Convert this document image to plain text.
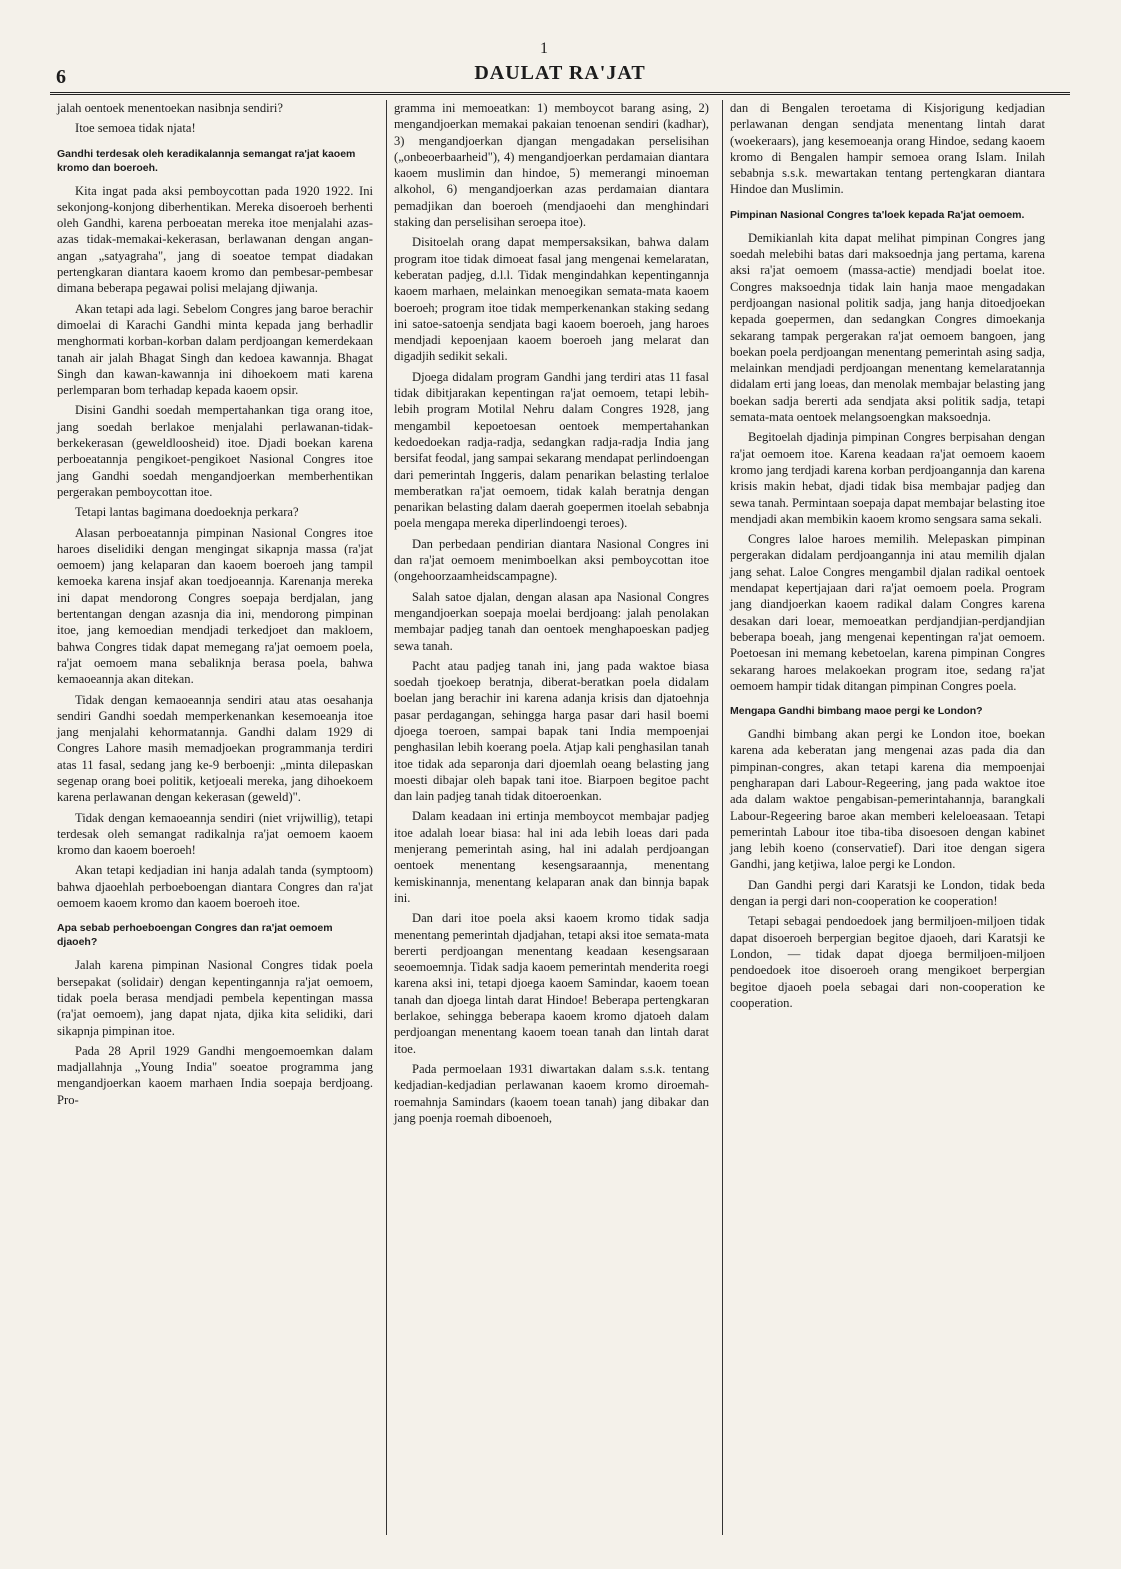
1
6	DAULAT RA'JAT

jalah oentoek menentoekan nasibnja sendiri?

Itoe semoea tidak njata!

Gandhi terdesak oleh keradikalannja semangat ra'jat kaoem kromo dan boeroeh.

Kita ingat pada aksi pemboycottan pada 1920 1922. Ini sekonjong-konjong diberhentikan. Mereka disoeroeh berhenti oleh Gandhi, karena perboeatan mereka itoe menjalahi azas-azas tidak-memakai-kekerasan, berlawanan dengan angan-angan „satyagraha", jang di soeatoe tempat diadakan pertengkaran diantara kaoem kromo dan pembesar-pembesar dimana beberapa pegawai polisi melajang djiwanja.

Akan tetapi ada lagi. Sebelom Congres jang baroe berachir dimoelai di Karachi Gandhi minta kepada jang berhadlir menghormati korban-korban dalam perdjoangan kemerdekaan tanah air jalah Bhagat Singh dan kedoea kawannja. Bhagat Singh dan kawan-kawannja ini dihoekoem mati karena perlemparan bom terhadap kepada kaoem opsir.

Disini Gandhi soedah mempertahankan tiga orang itoe, jang soedah berlakoe menjalahi perlawanan-tidak-berkekerasan (geweldloosheid) itoe. Djadi boekan karena perboeatannja pengikoet-pengikoet Nasional Congres itoe jang Gandhi soedah mengandjoerkan memberhentikan pergerakan pemboycottan itoe.

Tetapi lantas bagimana doedoeknja perkara?

Alasan perboeatannja pimpinan Nasional Congres itoe haroes diselidiki dengan mengingat sikapnja massa (ra'jat oemoem) jang kelaparan dan kaoem boeroeh jang tampil kemoeka karena insjaf akan toedjoeannja. Karenanja mereka ini dapat mendorong Congres soepaja berdjalan, jang bertentangan dengan azasnja dia ini, mendorong pimpinan itoe, jang kemoedian mendjadi terkedjoet dan makloem, bahwa Congres tidak dapat memegang ra'jat oemoem poela, ra'jat oemoem mana sebaliknja berasa poela, bahwa kemaoeannja akan ditekan.

Tidak dengan kemaoeannja sendiri atau atas oesahanja sendiri Gandhi soedah memperkenankan kesemoeanja itoe jang menjalahi kehormatannja. Gandhi dalam 1929 di Congres Lahore masih memadjoekan programmanja terdiri atas 11 fasal, sedang jang ke-9 berboenji: „minta dilepaskan segenap orang boei politik, ketjoeali mereka, jang dihoekoem karena perlawanan dengan kekerasan (geweld)".

Tidak dengan kemaoeannja sendiri (niet vrijwillig), tetapi terdesak oleh semangat radikalnja ra'jat oemoem kaoem kromo dan kaoem boeroeh!

Akan tetapi kedjadian ini hanja adalah tanda (symptoom) bahwa djaoehlah perboeboengan diantara Congres dan ra'jat oemoem kaoem kromo dan kaoem boeroeh itoe.

Apa sebab perhoeboengan Congres dan ra'jat oemoem djaoeh?

Jalah karena pimpinan Nasional Congres tidak poela bersepakat (solidair) dengan kepentingannja ra'jat oemoem, tidak poela berasa mendjadi pembela kepentingan massa (ra'jat oemoem), jang dapat njata, djika kita selidiki, dari sikapnja pimpinan itoe.

Pada 28 April 1929 Gandhi mengoemoemkan dalam madjallahnja „Young India" soeatoe programma jang mengandjoerkan kaoem marhaen India soepaja berdjoang. Pro-

gramma ini memoeatkan: 1) memboycot barang asing, 2) mengandjoerkan memakai pakaian tenoenan sendiri (kadhar), 3) mengandjoerkan djangan mengadakan perselisihan („onbeoerbaarheid"), 4) mengandjoerkan perdamaian diantara kaoem muslimin dan hindoe, 5) memerangi minoeman alkohol, 6) mengandjoerkan azas perdamaian diantara pemadjikan dan boeroeh (mendjaoehi dan menghindari staking dan perselisihan seroepa itoe).

Disitoelah orang dapat mempersaksikan, bahwa dalam program itoe tidak dimoeat fasal jang mengenai kemelaratan, keberatan padjeg, d.l.l. Tidak mengindahkan kepentingannja kaoem marhaen, melainkan menoegikan semata-mata kaoem boeroeh; program itoe tidak memperkenankan staking sedang ini satoe-satoenja sendjata bagi kaoem boeroeh, jang haroes mendjadi kepoenjaan kaoem boeroeh jang melarat dan digadjih sedikit sekali.

Djoega didalam program Gandhi jang terdiri atas 11 fasal tidak dibitjarakan kepentingan ra'jat oemoem, tetapi lebih-lebih program Motilal Nehru dalam Congres 1928, jang mengambil kepoetoesan oentoek mempertahankan kedoedoekan radja-radja, sedangkan radja-radja India jang bersifat feodal, jang sampai sekarang mendapat perlindoengan dari pemerintah Inggeris, dalam penarikan belasting terlaloe memberatkan ra'jat oemoem, tidak kalah beratnja dengan penarikan belasting dalam daerah goepermen itoelah sebabnja poela mengapa mereka diperlindoengi teroes).

Dan perbedaan pendirian diantara Nasional Congres ini dan ra'jat oemoem menimboelkan aksi pemboycottan itoe (ongehoorzaamheidscampagne).

Salah satoe djalan, dengan alasan apa Nasional Congres mengandjoerkan soepaja moelai berdjoang: jalah penolakan membajar padjeg tanah dan oentoek menghapoeskan padjeg sewa tanah.

Pacht atau padjeg tanah ini, jang pada waktoe biasa soedah tjoekoep beratnja, diberat-beratkan poela didalam boelan jang berachir ini karena adanja krisis dan djatoehnja pasar perdagangan, sehingga harga pasar dari hasil boemi djoega toeroen, sampai bapak tani India mempoenjai penghasilan lebih koerang poela. Atjap kali penghasilan tanah itoe tidak ada separonja dari djoemlah oeang belasting jang moesti dibajar oleh bapak tani itoe. Biarpoen begitoe pacht dan lain padjeg tanah tidak ditoeroenkan.

Dalam keadaan ini ertinja memboycot membajar padjeg itoe adalah loear biasa: hal ini ada lebih loeas dari pada menjerang pemerintah asing, hal ini adalah perdjoangan oentoek menentang kesengsaraannja, menentang kemiskinannja, menentang kelaparan anak dan binnja bapak ini.

Dan dari itoe poela aksi kaoem kromo tidak sadja menentang pemerintah djadjahan, tetapi aksi itoe semata-mata bererti perdjoangan menentang keadaan kesengsaraan seoemoemnja. Tidak sadja kaoem pemerintah menderita roegi karena aksi ini, tetapi djoega kaoem Samindar, kaoem toean tanah dan djoega lintah darat Hindoe! Beberapa pertengkaran berlakoe, sehingga beberapa kaoem kromo djatoeh dalam perdjoangan menentang kaoem toean tanah dan lintah darat itoe.

Pada permoelaan 1931 diwartakan dalam s.s.k. tentang kedjadian-kedjadian perlawanan kaoem kromo diroemah-roemahnja Samindars (kaoem toean tanah) jang dibakar dan jang poenja roemah diboenoeh,

dan di Bengalen teroetama di Kisjorigung kedjadian perlawanan dengan sendjata menentang lintah darat (woekeraars), jang kesemoeanja orang Hindoe, sedang kaoem kromo di Bengalen hampir semoea orang Islam. Inilah sebabnja s.s.k. mewartakan tentang pertengkaran diantara Hindoe dan Muslimin.

Pimpinan Nasional Congres ta'loek kepada Ra'jat oemoem.

Demikianlah kita dapat melihat pimpinan Congres jang soedah melebihi batas dari maksoednja jang pertama, karena aksi ra'jat oemoem (massa-actie) mendjadi boelat itoe. Congres maksoednja tidak lain hanja maoe mengadakan perdjoangan nasional politik sadja, jang hanja ditoedjoekan kepada goepermen, dan sedangkan Congres dimoekanja sekarang tampak pergerakan ra'jat oemoem bangoen, jang boekan poela perdjoangan menentang pemerintah asing sadja, melainkan mendjadi perdjoangan menentang kemelaratannja didalam erti jang loeas, dan menolak membajar belasting jang boekan sadja bererti ada sendjata aksi politik sadja, tetapi semata-mata oentoek melangsoengkan maksoednja.

Begitoelah djadinja pimpinan Congres berpisahan dengan ra'jat oemoem itoe. Karena keadaan ra'jat oemoem kaoem kromo jang terdjadi karena korban perdjoangannja dan karena krisis makin hebat, djadi tidak bisa membajar padjeg dan sewa tanah. Permintaan soepaja dapat membajar belasting itoe mendjadi akan membikin kaoem kromo sengsara sama sekali.

Congres laloe haroes memilih. Melepaskan pimpinan pergerakan didalam perdjoangannja ini atau memilih djalan jang sehat. Laloe Congres mengambil djalan radikal oentoek mendapat kepertjajaan dari ra'jat oemoem poela. Program jang diandjoerkan kaoem radikal dalam Congres karena desakan dari loear, memoeatkan perdjandjian-perdjandjian beberapa boeah, jang mengenai kepentingan ra'jat oemoem. Poetoesan ini memang kebetoelan, karena pimpinan Congres sekarang haroes melakoekan program itoe, sedang ra'jat oemoem hampir tidak ditangan pimpinan Congres poela.

Mengapa Gandhi bimbang maoe pergi ke London?

Gandhi bimbang akan pergi ke London itoe, boekan karena ada keberatan jang mengenai azas pada dia dan pimpinan-congres, akan tetapi karena dia mempoenjai pengharapan dari Labour-Regeering, jang pada waktoe itoe ada dalam waktoe pengabisan-pemerintahannja, barangkali Labour-Regeering baroe akan memberi keleloeasaan. Tetapi pemerintah Labour itoe tiba-tiba disoesoen dengan kabinet jang lebih koeno (conservatief). Dari itoe dengan sigera Gandhi, jang ketjiwa, laloe pergi ke London.

Dan Gandhi pergi dari Karatsji ke London, tidak beda dengan ia pergi dari non-cooperation ke cooperation!

Tetapi sebagai pendoedoek jang bermiljoen-miljoen tidak dapat disoeroeh berpergian begitoe djaoeh, dari Karatsji ke London, — tidak dapat djoega bermiljoen-miljoen pendoedoek itoe disoeroeh orang mengikoet berpergian begitoe djaoeh poela sebagai dari non-cooperation ke cooperation.
